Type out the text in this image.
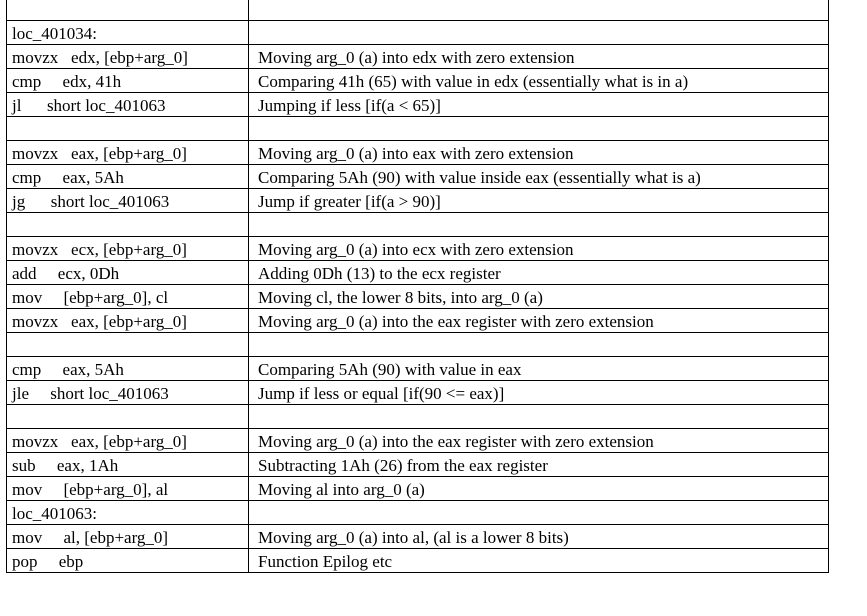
loc_401034:	
movzx   edx, [ebp+arg_0]	Moving arg_0 (a) into edx with zero extension
cmp     edx, 41h	Comparing 41h (65) with value in edx (essentially what is in a)
jl      short loc_401063	Jumping if less [if(a < 65)]

movzx   eax, [ebp+arg_0]	Moving arg_0 (a) into eax with zero extension
cmp     eax, 5Ah	Comparing 5Ah (90) with value inside eax (essentially what is a)
jg      short loc_401063	Jump if greater [if(a > 90)]

movzx   ecx, [ebp+arg_0]	Moving arg_0 (a) into ecx with zero extension
add     ecx, 0Dh	Adding 0Dh (13) to the ecx register
mov     [ebp+arg_0], cl	Moving cl, the lower 8 bits, into arg_0 (a)
movzx   eax, [ebp+arg_0]	Moving arg_0 (a) into the eax register with zero extension

cmp     eax, 5Ah	Comparing 5Ah (90) with value in eax
jle     short loc_401063	Jump if less or equal [if(90 <= eax)]

movzx   eax, [ebp+arg_0]	Moving arg_0 (a) into the eax register with zero extension
sub     eax, 1Ah	Subtracting 1Ah (26) from the eax register
mov     [ebp+arg_0], al	Moving al into arg_0 (a)
loc_401063:	
mov     al, [ebp+arg_0]	Moving arg_0 (a) into al, (al is a lower 8 bits)
pop     ebp	Function Epilog etc
